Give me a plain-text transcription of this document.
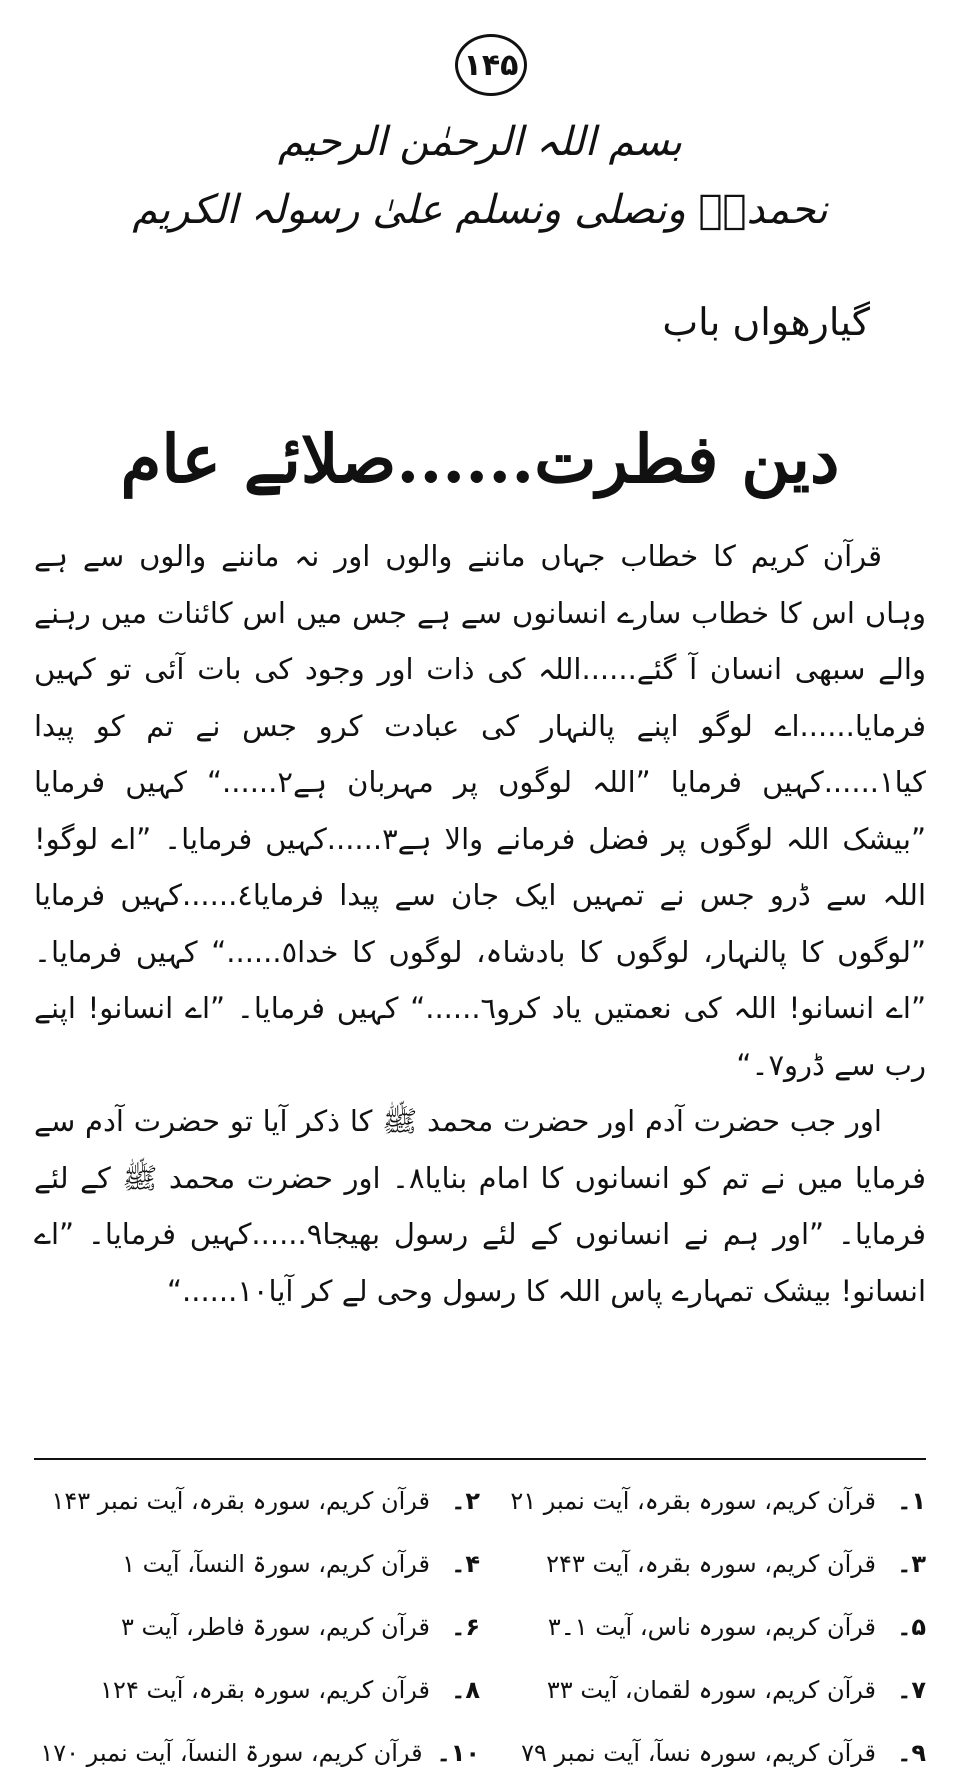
۱۴۵
بسم اللہ الرحمٰن الرحیم
نحمدہٗ ونصلی ونسلم علیٰ رسولہ الکریم
گیارھواں باب
دین فطرت......صلائے عام

قرآن کریم کا خطاب جہاں ماننے والوں اور نہ ماننے والوں سے ہے وہاں اس کا خطاب سارے انسانوں سے ہے جس میں اس کائنات میں رہنے والے سبھی انسان آ گئے......اللہ کی ذات اور وجود کی بات آئی تو کہیں فرمایا......اے لوگو اپنے پالنہار کی عبادت کرو جس نے تم کو پیدا کیا١......کہیں فرمایا ”اللہ لوگوں پر مہربان ہے٢......“ کہیں فرمایا ”بیشک اللہ لوگوں پر فضل فرمانے والا ہے٣......کہیں فرمایا۔ ”اے لوگو! اللہ سے ڈرو جس نے تمہیں ایک جان سے پیدا فرمایا٤......کہیں فرمایا ”لوگوں کا پالنہار، لوگوں کا بادشاہ، لوگوں کا خدا٥......“ کہیں فرمایا۔ ”اے انسانو! اللہ کی نعمتیں یاد کرو٦......“ کہیں فرمایا۔ ”اے انسانو! اپنے رب سے ڈرو٧۔“

اور جب حضرت آدم اور حضرت محمد ﷺ کا ذکر آیا تو حضرت آدم سے فرمایا میں نے تم کو انسانوں کا امام بنایا٨۔ اور حضرت محمد ﷺ کے لئے فرمایا۔ ”اور ہم نے انسانوں کے لئے رسول بھیجا٩......کہیں فرمایا۔ ”اے انسانو! بیشک تمہارے پاس اللہ کا رسول وحی لے کر آیا١٠......“

۱۔
قرآن کریم، سورہ بقرہ، آیت نمبر ۲۱
۲۔
قرآن کریم، سورہ بقرہ، آیت نمبر ۱۴۳
۳۔
قرآن کریم، سورہ بقرہ، آیت ۲۴۳
۴۔
قرآن کریم، سورۃ النسآ، آیت ۱
۵۔
قرآن کریم، سورہ ناس، آیت ۱۔۳
۶۔
قرآن کریم، سورۃ فاطر، آیت ۳
۷۔
قرآن کریم، سورہ لقمان، آیت ۳۳
۸۔
قرآن کریم، سورہ بقرہ، آیت ۱۲۴
۹۔
قرآن کریم، سورہ نسآ، آیت نمبر ۷۹
۱۰۔
قرآن کریم، سورۃ النسآ، آیت نمبر ۱۷۰
